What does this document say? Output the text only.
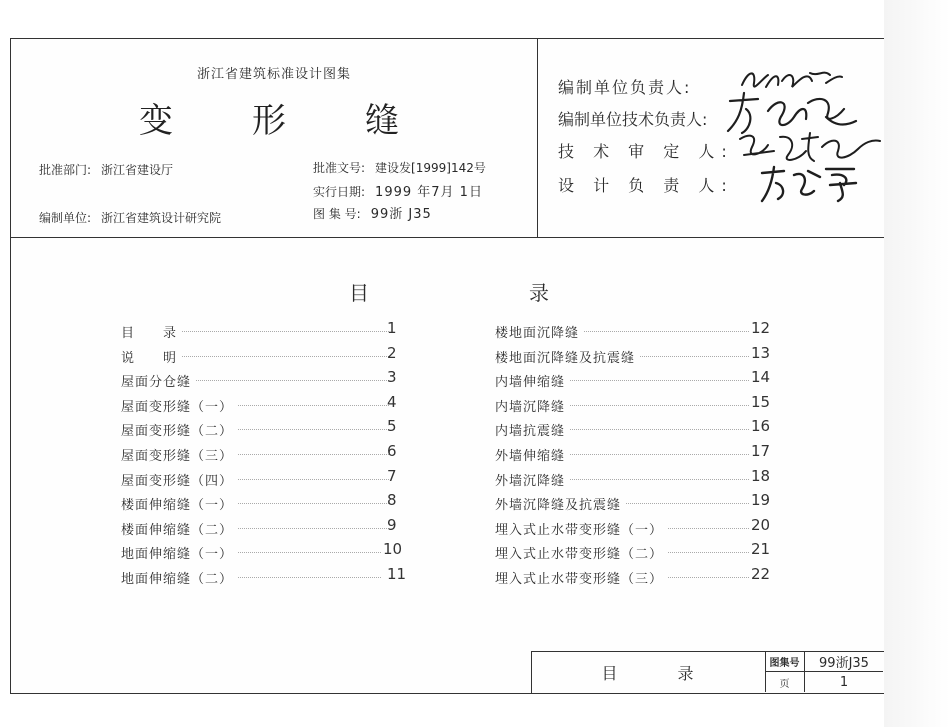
浙江省建筑标准设计图集
变 形 缝
批准部门: 浙江省建设厅
编制单位: 浙江省建筑设计研究院
批准文号: 建设发[1999]142号
实行日期: 1999 年7月 1日
图 集 号: 99浙 J35
编制单位负责人:
编制单位技术负责人:
技 术 审 定 人:
设 计 负 责 人:
目	录
目　　录	1
说　　明	2
屋面分仓缝	3
屋面变形缝（一）	4
屋面变形缝（二）	5
屋面变形缝（三）	6
屋面变形缝（四）	7
楼面伸缩缝（一）	8
楼面伸缩缝（二）	9
地面伸缩缝（一）	10
地面伸缩缝（二）	11
楼地面沉降缝	12
楼地面沉降缝及抗震缝	13
内墙伸缩缝	14
内墙沉降缝	15
内墙抗震缝	16
外墙伸缩缝	17
外墙沉降缝	18
外墙沉降缝及抗震缝	19
埋入式止水带变形缝（一）	20
埋入式止水带变形缝（二）	21
埋入式止水带变形缝（三）	22
目	录	图集号	99浙J35
页	1
